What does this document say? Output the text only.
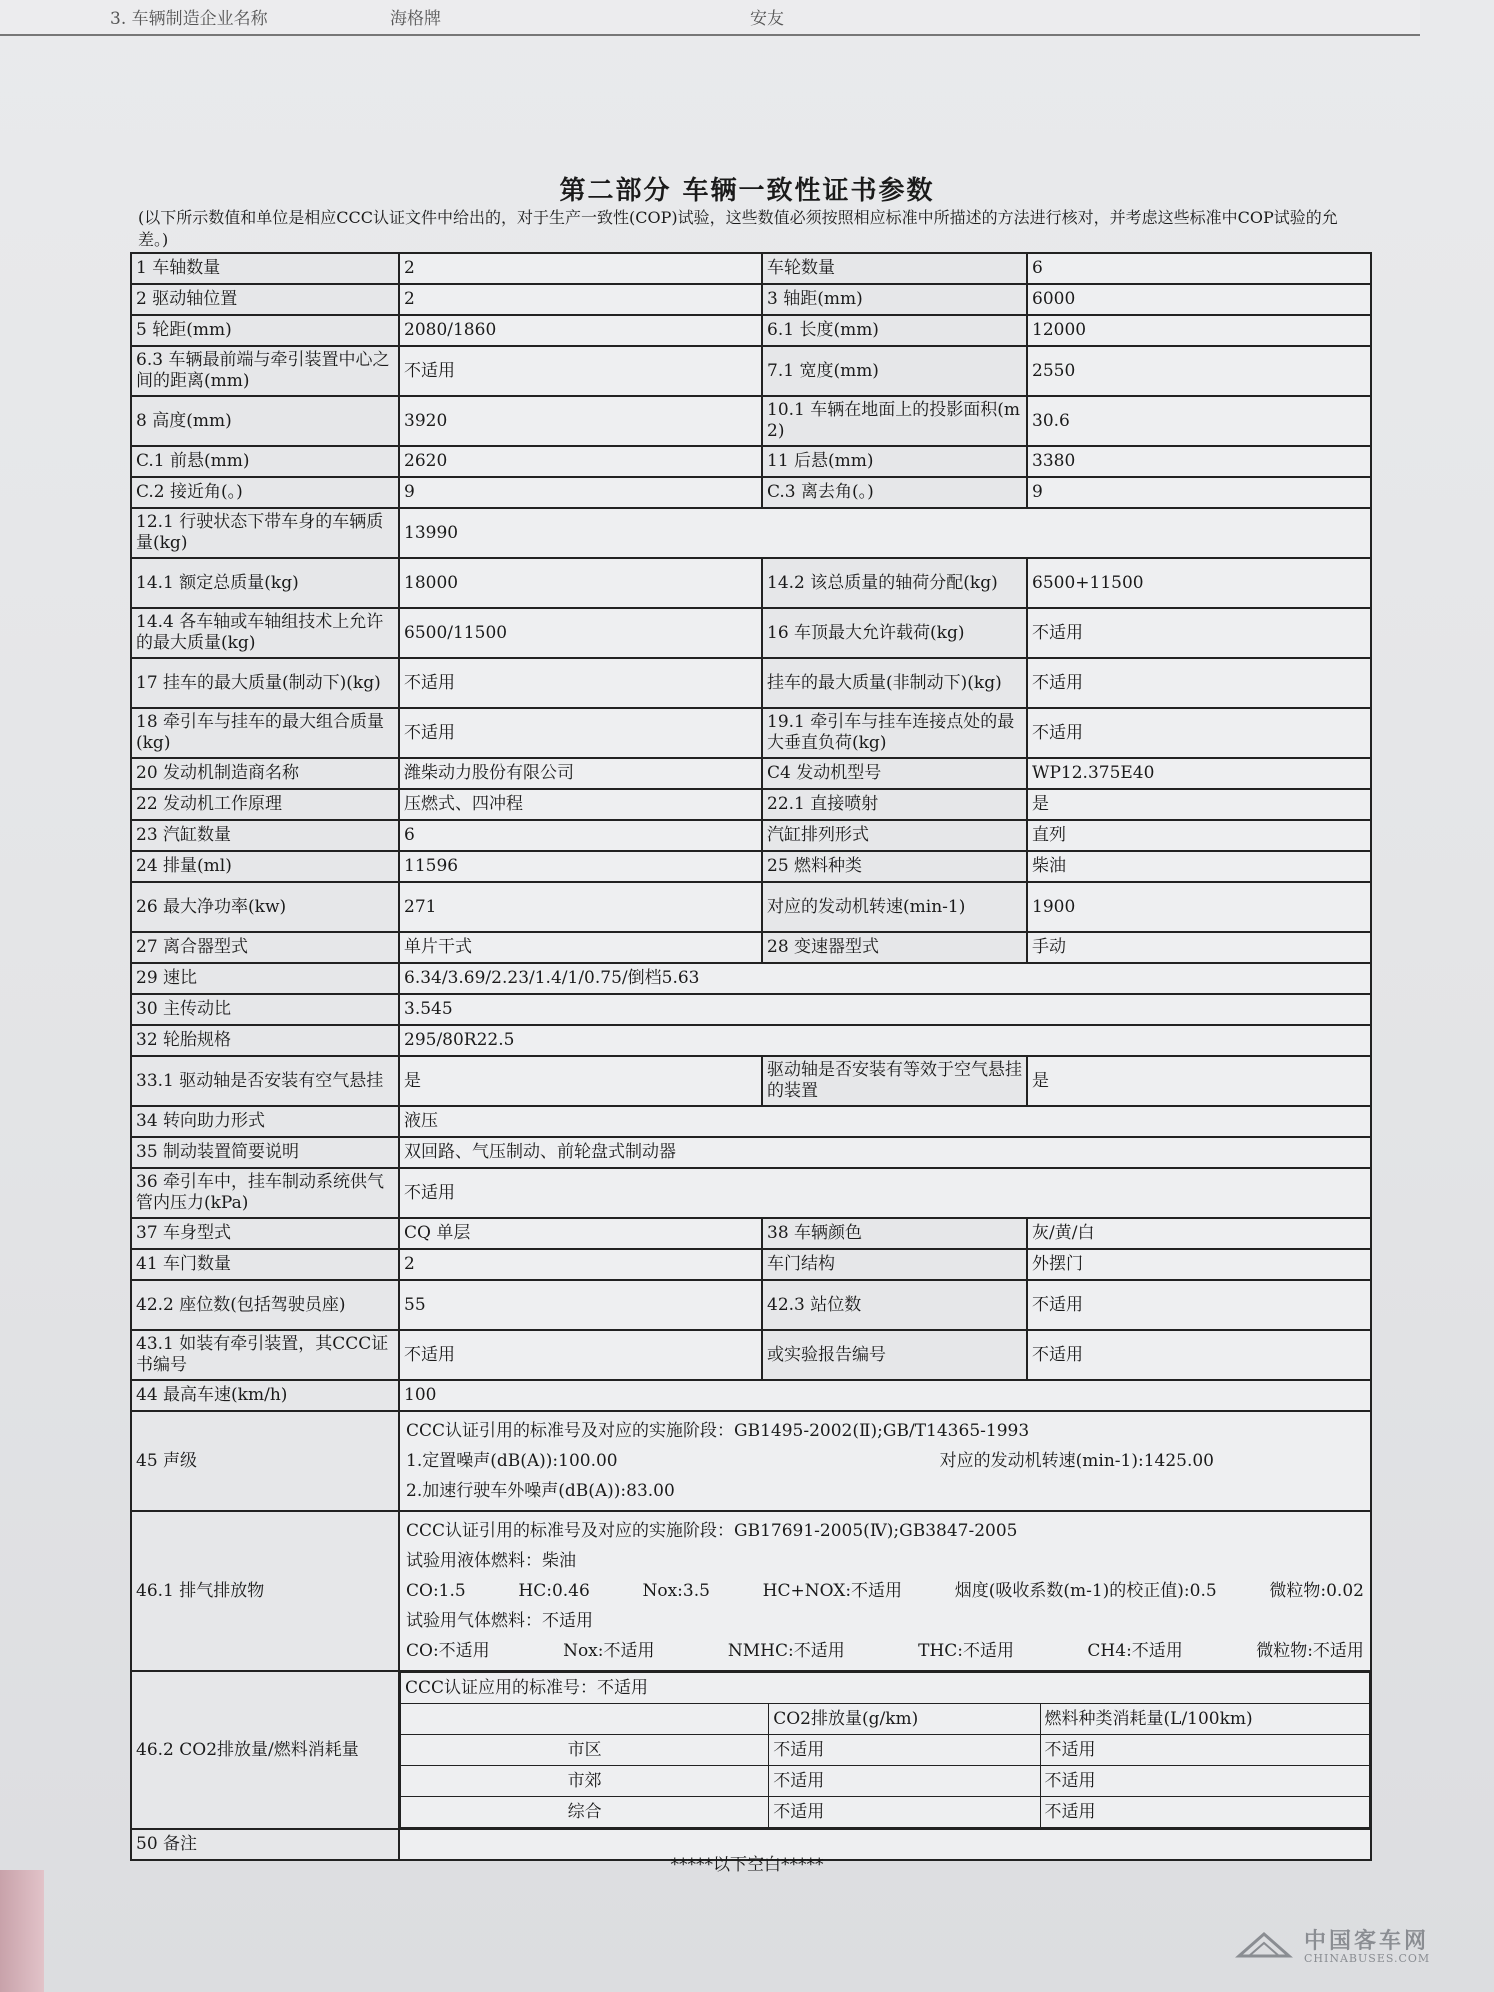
3. 车辆制造企业名称	海格牌	安友
第二部分 车辆一致性证书参数
(以下所示数值和单位是相应CCC认证文件中给出的，对于生产一致性(COP)试验，这些数值必须按照相应标准中所描述的方法进行核对，并考虑这些标准中COP试验的允差。)
1 车轴数量	2	车轮数量	6
2 驱动轴位置	2	3 轴距(mm)	6000
5 轮距(mm)	2080/1860	6.1 长度(mm)	12000
6.3 车辆最前端与牵引装置中心之间的距离(mm)	不适用	7.1 宽度(mm)	2550
8 高度(mm)	3920	10.1 车辆在地面上的投影面积(m2)	30.6
C.1 前悬(mm)	2620	11 后悬(mm)	3380
C.2 接近角(。)	9	C.3 离去角(。)	9
12.1 行驶状态下带车身的车辆质量(kg)	13990
14.1 额定总质量(kg)	18000	14.2 该总质量的轴荷分配(kg)	6500+11500
14.4 各车轴或车轴组技术上允许的最大质量(kg)	6500/11500	16 车顶最大允许载荷(kg)	不适用
17 挂车的最大质量(制动下)(kg)	不适用	挂车的最大质量(非制动下)(kg)	不适用
18 牵引车与挂车的最大组合质量(kg)	不适用	19.1 牵引车与挂车连接点处的最大垂直负荷(kg)	不适用
20 发动机制造商名称	潍柴动力股份有限公司	C4 发动机型号	WP12.375E40
22 发动机工作原理	压燃式、四冲程	22.1 直接喷射	是
23 汽缸数量	6	汽缸排列形式	直列
24 排量(ml)	11596	25 燃料种类	柴油
26 最大净功率(kw)	271	对应的发动机转速(min-1)	1900
27 离合器型式	单片干式	28 变速器型式	手动
29 速比	6.34/3.69/2.23/1.4/1/0.75/倒档5.63
30 主传动比	3.545
32 轮胎规格	295/80R22.5
33.1 驱动轴是否安装有空气悬挂	是	驱动轴是否安装有等效于空气悬挂的装置	是
34 转向助力形式	液压
35 制动装置简要说明	双回路、气压制动、前轮盘式制动器
36 牵引车中，挂车制动系统供气管内压力(kPa)	不适用
37 车身型式	CQ 单层	38 车辆颜色	灰/黄/白
41 车门数量	2	车门结构	外摆门
42.2 座位数(包括驾驶员座)	55	42.3 站位数	不适用
43.1 如装有牵引装置，其CCC证书编号	不适用	或实验报告编号	不适用
44 最高车速(km/h)	100
45 声级	
CCC认证引用的标准号及对应的实施阶段：GB1495-2002(Ⅱ);GB/T14365-1993
1.定置噪声(dB(A)):100.00	对应的发动机转速(min-1):1425.00
2.加速行驶车外噪声(dB(A)):83.00

46.1 排气排放物	
CCC认证引用的标准号及对应的实施阶段：GB17691-2005(Ⅳ);GB3847-2005
试验用液体燃料：柴油
CO:1.5	HC:0.46	Nox:3.5	HC+NOX:不适用	烟度(吸收系数(m-1)的校正值):0.5	微粒物:0.02
试验用气体燃料：不适用
CO:不适用	Nox:不适用	NMHC:不适用	THC:不适用	CH4:不适用	微粒物:不适用

46.2 CO2排放量/燃料消耗量	
CCC认证应用的标准号：不适用
	CO2排放量(g/km)	燃料种类消耗量(L/100km)
市区	不适用	不适用
市郊	不适用	不适用
综合	不适用	不适用

50 备注	
*****以下空白*****
中国客车网
CHINABUSES.COM
